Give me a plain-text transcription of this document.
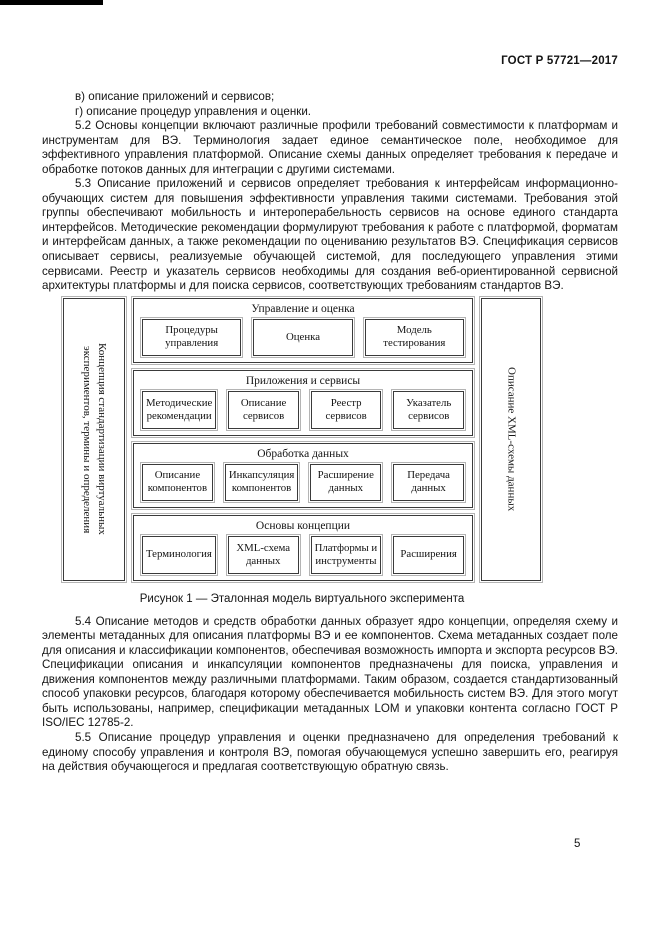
ГОСТ Р 57721—2017

в) описание приложений и сервисов;

г) описание процедур управления и оценки.

5.2 Основы концепции включают различные профили требований совместимости к платформам и инструментам для ВЭ. Терминология задает единое семантическое поле, необходимое для эффективного управления платформой. Описание схемы данных определяет требования к передаче и обработке потоков данных для интеграции с другими системами.

5.3 Описание приложений и сервисов определяет требования к интерфейсам информационно-обучающих систем для повышения эффективности управления такими системами. Требования этой группы обеспечивают мобильность и интероперабельность сервисов на основе единого стандарта интерфейсов. Методические рекомендации формулируют требования к работе с платформой, форматам и интерфейсам данных, а также рекомендации по оцениванию результатов ВЭ. Спецификация сервисов описывает сервисы, реализуемые обучающей системой, для последующего управления этими сервисами. Реестр и указатель сервисов необходимы для создания веб-ориентированной сервисной архитектуры платформы и для поиска сервисов, соответствующих требованиям стандартов ВЭ.

Концепция стандартизации виртуальных
экспериментов, термины и определения
Управление и оценка
Процедуры управления
Оценка
Модель тестирования
Приложения и сервисы
Методические рекомендации
Описание сервисов
Реестр сервисов
Указатель сервисов
Обработка данных
Описание компонентов
Инкапсуляция компонентов
Расширение данных
Передача данных
Основы концепции
Терминология
XML-схема данных
Платформы и инструменты
Расширения
Описание XML-схемы данных
Рисунок 1 — Эталонная модель виртуального эксперимента

5.4 Описание методов и средств обработки данных образует ядро концепции, определяя схему и элементы метаданных для описания платформы ВЭ и ее компонентов. Схема метаданных создает поле для описания и классификации компонентов, обеспечивая возможность импорта и экспорта ресурсов ВЭ. Спецификации описания и инкапсуляции компонентов предназначены для поиска, управления и движения компонентов между различными платформами. Таким образом, создается стандартизованный способ упаковки ресурсов, благодаря которому обеспечивается мобильность систем ВЭ. Для этого могут быть использованы, например, спецификации метаданных LOM и упаковки контента согласно ГОСТ Р ISO/IEC 12785-2.

5.5 Описание процедур управления и оценки предназначено для определения требований к единому способу управления и контроля ВЭ, помогая обучающемуся успешно завершить его, реагируя на действия обучающегося и предлагая соответствующую обратную связь.

5
